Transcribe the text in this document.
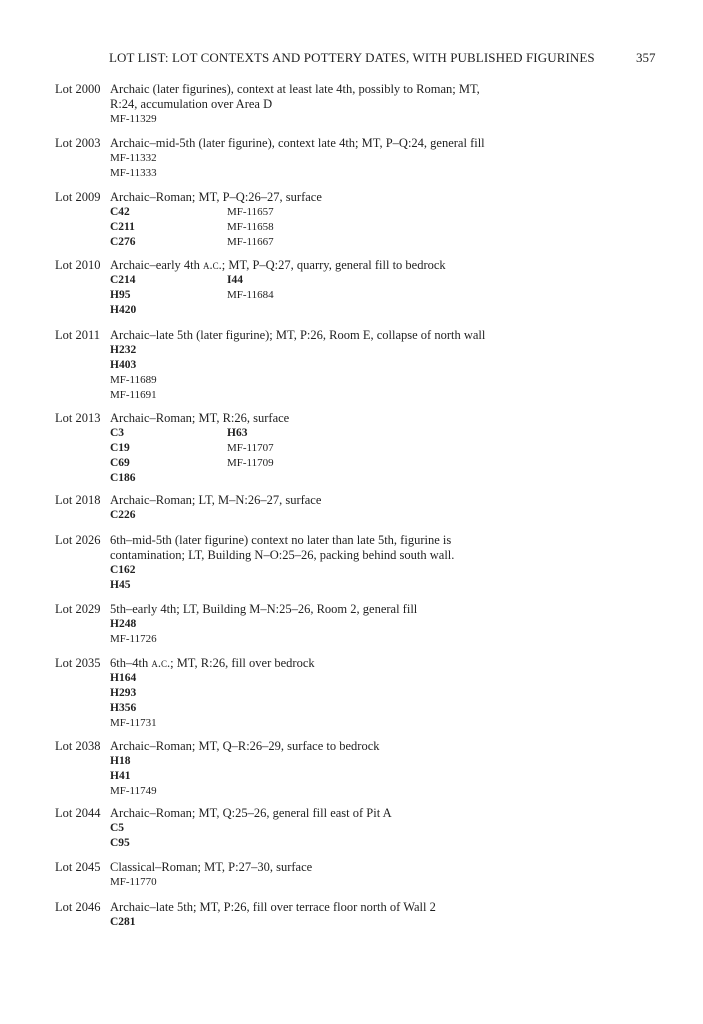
LOT LIST: LOT CONTEXTS AND POTTERY DATES, WITH PUBLISHED FIGURINES	357
Lot 2000 Archaic (later figurines), context at least late 4th, possibly to Roman; MT,
R:24, accumulation over Area D
MF-11329
Lot 2003 Archaic–mid-5th (later figurine), context late 4th; MT, P–Q:24, general fill
MF-11332
MF-11333
Lot 2009 Archaic–Roman; MT, P–Q:26–27, surface
C42	MF-11657
C211	MF-11658
C276	MF-11667
Lot 2010 Archaic–early 4th a.c.; MT, P–Q:27, quarry, general fill to bedrock
C214	I44
H95	MF-11684
H420
Lot 2011 Archaic–late 5th (later figurine); MT, P:26, Room E, collapse of north wall
H232
H403
MF-11689
MF-11691
Lot 2013 Archaic–Roman; MT, R:26, surface
C3	H63
C19	MF-11707
C69	MF-11709
C186
Lot 2018 Archaic–Roman; LT, M–N:26–27, surface
C226
Lot 2026 6th–mid-5th (later figurine) context no later than late 5th, figurine is
contamination; LT, Building N–O:25–26, packing behind south wall.
C162
H45
Lot 2029 5th–early 4th; LT, Building M–N:25–26, Room 2, general fill
H248
MF-11726
Lot 2035 6th–4th a.c.; MT, R:26, fill over bedrock
H164
H293
H356
MF-11731
Lot 2038 Archaic–Roman; MT, Q–R:26–29, surface to bedrock
H18
H41
MF-11749
Lot 2044 Archaic–Roman; MT, Q:25–26, general fill east of Pit A
C5
C95
Lot 2045 Classical–Roman; MT, P:27–30, surface
MF-11770
Lot 2046 Archaic–late 5th; MT, P:26, fill over terrace floor north of Wall 2
C281
